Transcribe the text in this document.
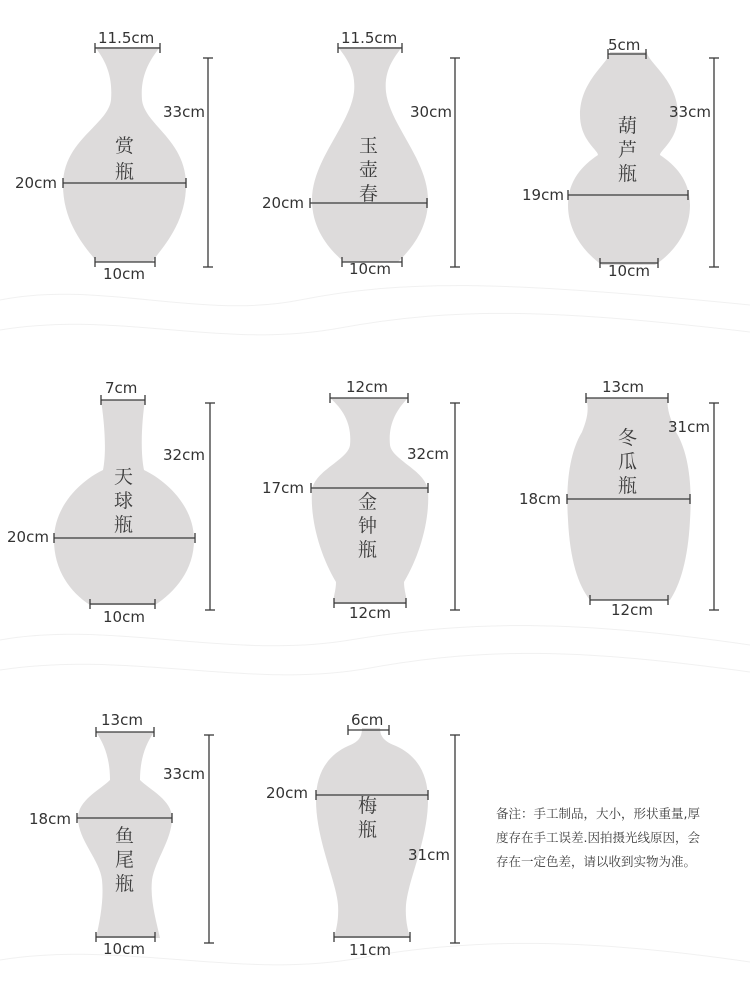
11.5cm
33cm
20cm
10cm
赏
瓶
11.5cm
30cm
20cm
10cm
玉
壶
春
5cm
33cm
19cm
10cm
葫
芦
瓶
7cm
32cm
20cm
10cm
天
球
瓶
12cm
32cm
17cm
12cm
金
钟
瓶
13cm
31cm
18cm
12cm
冬
瓜
瓶
13cm
33cm
18cm
10cm
鱼
尾
瓶
6cm
31cm
20cm
11cm
梅
瓶
备注：手工制品，大小，形状重量,厚
度存在手工误差.因拍摄光线原因，会
存在一定色差，请以收到实物为准。
